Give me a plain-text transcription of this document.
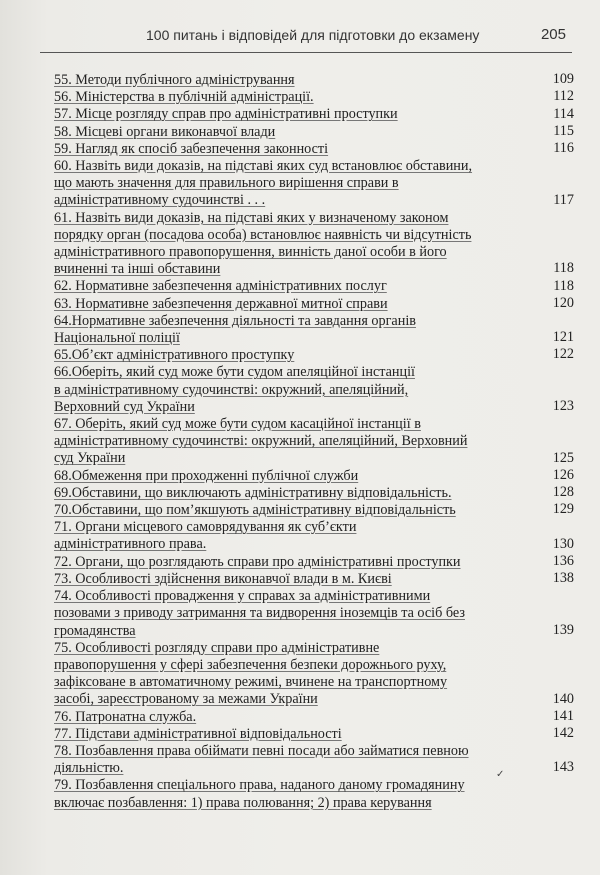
100 питань і відповідей для підготовки до екзамену	205
55. Методи публічного адміністрування	109
56. Міністерства в публічній адміністрації.	112
57. Місце розгляду справ про адміністративні проступки	114
58. Місцеві органи виконавчої влади	115
59. Нагляд як спосіб забезпечення законності	116
60. Назвіть види доказів, на підставі яких суд встановлює обставини,
що мають значення для правильного вирішення справи в
адміністративному судочинстві . . .	117
61. Назвіть види доказів, на підставі яких у визначеному законом
порядку орган (посадова особа) встановлює наявність чи відсутність
адміністративного правопорушення, винність даної особи в його
вчиненні та інші обставини	118
62. Нормативне забезпечення адміністративних послуг	118
63. Нормативне забезпечення державної митної справи	120
64.Нормативне забезпечення діяльності та завдання органів
Національної поліції	121
65.Об’єкт адміністративного проступку	122
66.Оберіть, який суд може бути судом апеляційної інстанції
в адміністративному судочинстві: окружний, апеляційний,
Верховний суд України	123
67. Оберіть, який суд може бути судом касаційної інстанції в
адміністративному судочинстві: окружний, апеляційний, Верховний
суд України	125
68.Обмеження при проходженні публічної служби	126
69.Обставини, що виключають адміністративну відповідальність.	128
70.Обставини, що пом’якшують адміністративну відповідальність	129
71. Органи місцевого самоврядування як суб’єкти
адміністративного права.	130
72. Органи, що розглядають справи про адміністративні проступки	136
73. Особливості здійснення виконавчої влади в м. Києві	138
74. Особливості провадження у справах за адміністративними
позовами з приводу затримання та видворення іноземців та осіб без
громадянства	139
75. Особливості розгляду справи про адміністративне
правопорушення у сфері забезпечення безпеки дорожнього руху,
зафіксоване в автоматичному режимі, вчинене на транспортному
засобі, зареєстрованому за межами України	140
76. Патронатна служба.	141
77. Підстави адміністративної відповідальності	142
78. Позбавлення права обіймати певні посади або займатися певною
діяльністю.	143
79. Позбавлення спеціального права, наданого даному громадянину
включає позбавлення: 1) права полювання; 2) права керування
✓
